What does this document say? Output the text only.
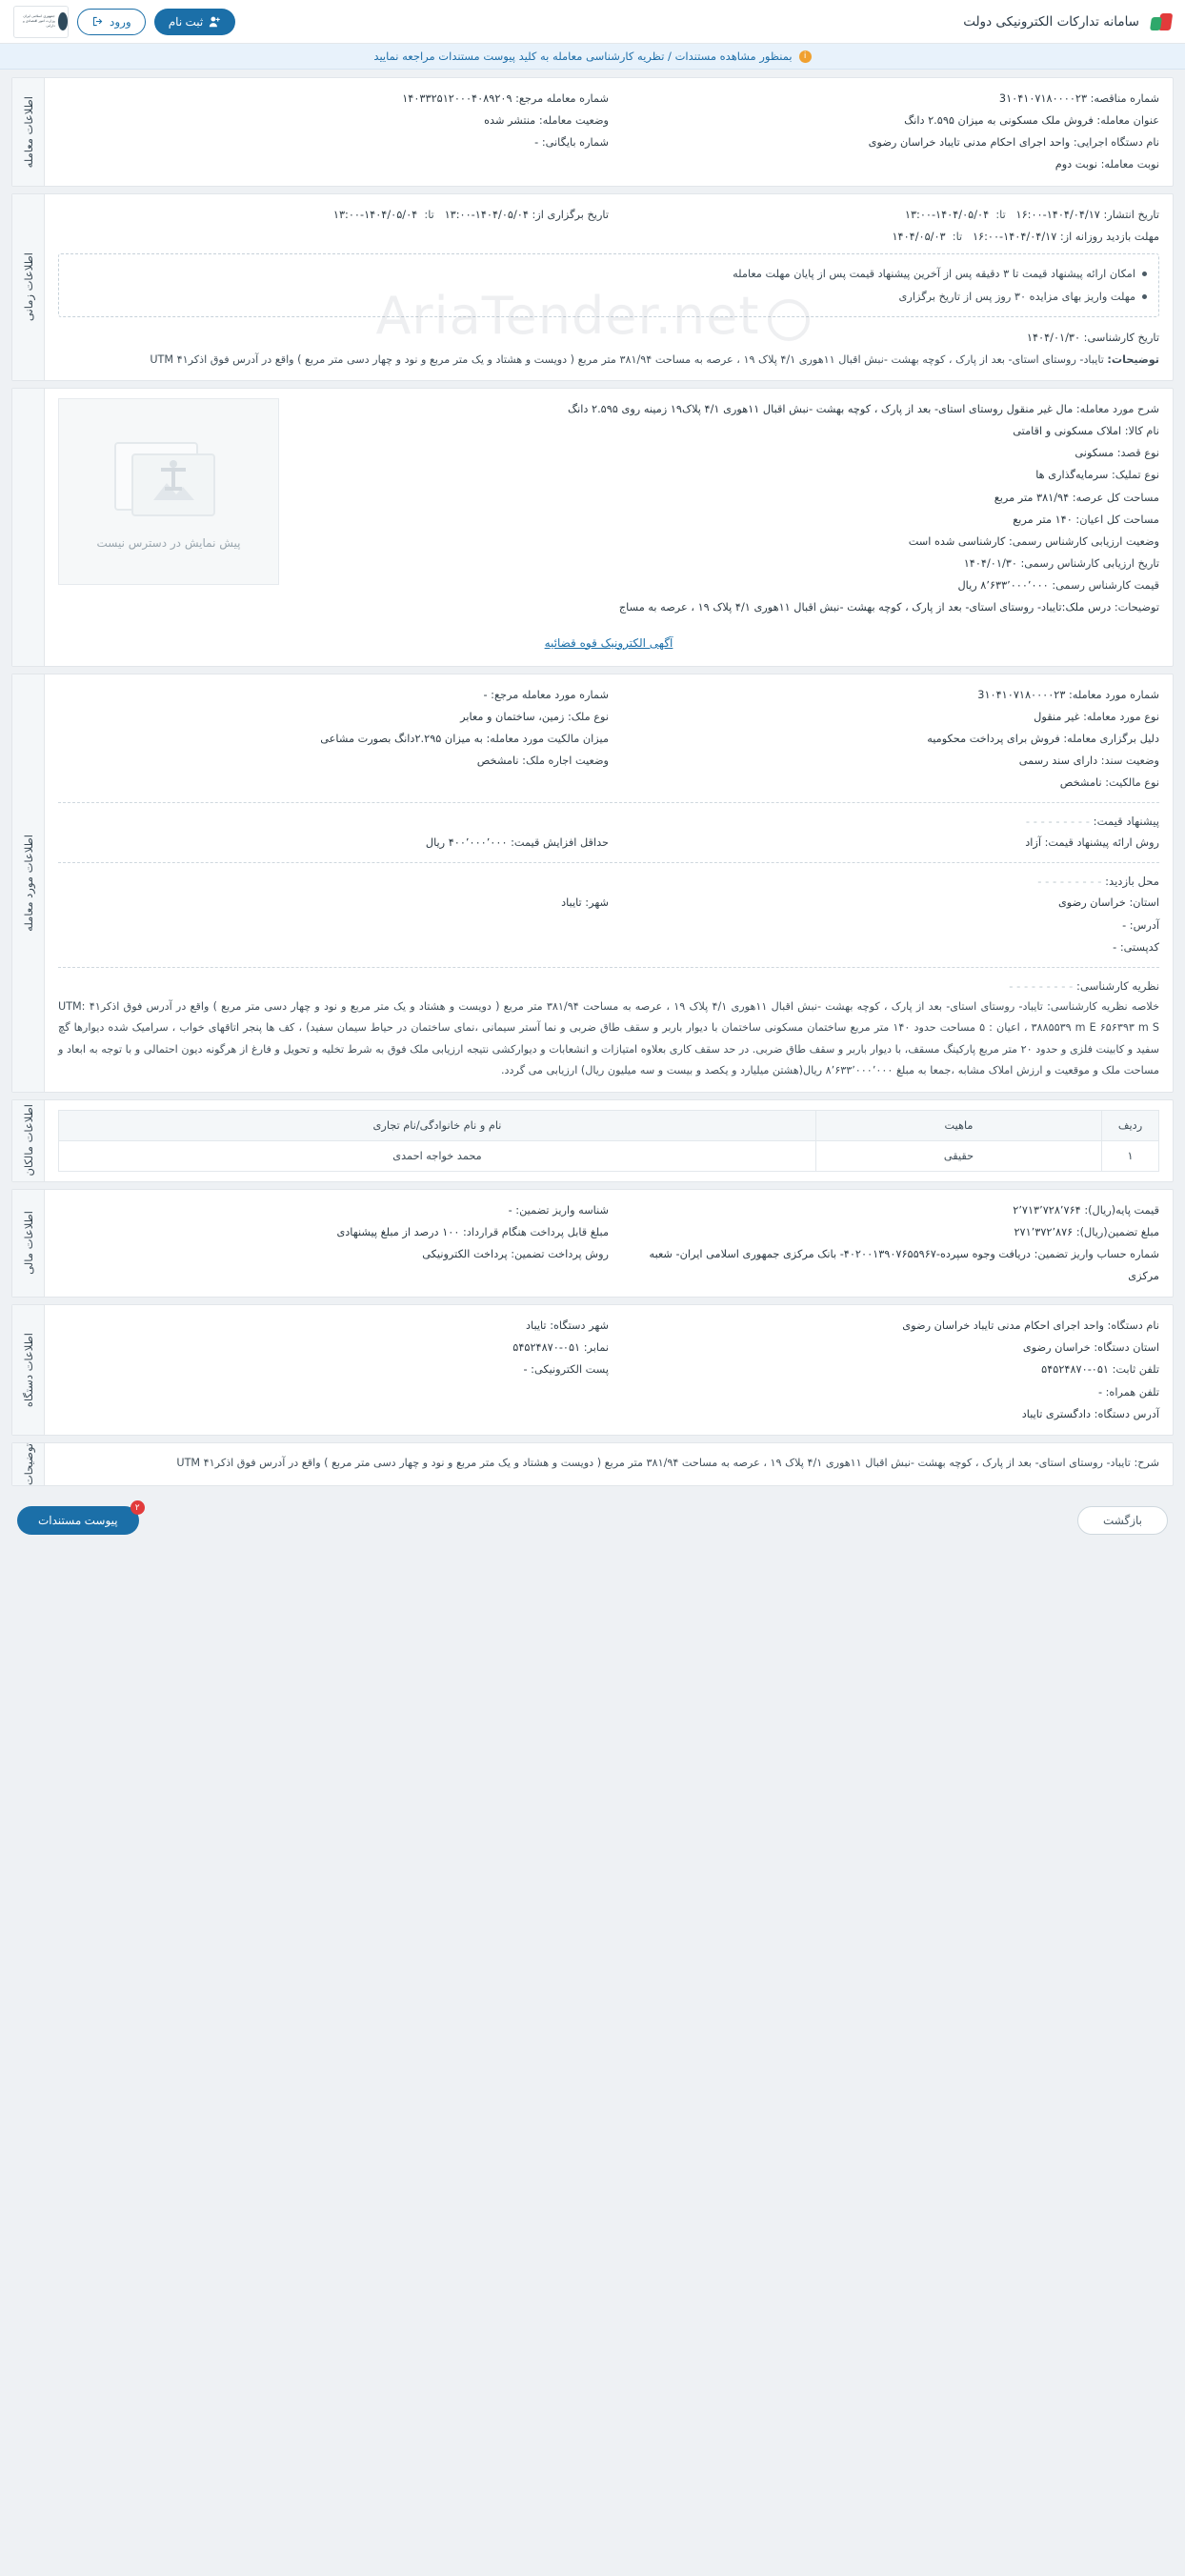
سامانه تدارکات الکترونیکی دولت
ثبت نام
ورود
جمهوری اسلامی ایران وزارت امور اقتصادی و دارایی
i
بمنظور مشاهده مستندات / تظریه کارشناسی معامله به کلید پیوست مستندات مراجعه نمایید
شماره مناقصه: 3۱۰۴۱۰۷۱۸۰۰۰۰۲۳
عنوان معامله: فروش ملک مسکونی به میزان ۲.۵۹۵ دانگ
نام دستگاه اجرایی: واحد اجرای احکام مدنی تایباد خراسان رضوی
نوبت معامله: نوبت دوم
شماره معامله مرجع: ۱۴۰۳۳۲۵۱۲۰۰۰۴۰۸۹۲۰۹
وضعیت معامله: منتشر شده
شماره بایگانی: -
اطلاعات معامله
تاریخ انتشار: ۱۴۰۴/۰۴/۱۷-۱۶:۰۰   تا:  ۱۴۰۴/۰۵/۰۴-۱۳:۰۰
مهلت بازدید روزانه از: ۱۴۰۴/۰۴/۱۷-۱۶:۰۰   تا:  ۱۴۰۴/۰۵/۰۳
تاریخ برگزاری از: ۱۴۰۴/۰۵/۰۴-۱۳:۰۰   تا:  ۱۴۰۴/۰۵/۰۴-۱۳:۰۰
امکان ارائه پیشنهاد قیمت تا ۳ دقیقه پس از آخرین پیشنهاد قیمت پس از پایان مهلت معامله
مهلت واریز بهای مزایده ۳۰ روز پس از تاریخ برگزاری
تاریخ کارشناسی: ۱۴۰۴/۰۱/۳۰
توضیحات: تایباد- روستای استای- بعد از پارک ، کوچه بهشت -نبش اقبال ۱۱هوری ۴/۱ پلاک ۱۹ ، عرصه به مساحت ۳۸۱/۹۴ متر مربع ( دویست و هشتاد و یک متر مربع و نود و چهار دسی متر مربع ) واقع در آدرس فوق اذکر۴۱ UTM
اطلاعات زمانی
شرح مورد معامله: مال غیر منقول روستای استای- بعد از پارک ، کوچه بهشت -نبش اقبال ۱۱هوری ۴/۱ پلاک۱۹ زمینه روی ۲.۵۹۵ دانگ
نام کالا: املاک مسکونی و اقامتی
نوع قصد: مسکونی
نوع تملیک: سرمایه‌گذاری ها
مساحت کل عرصه: ۳۸۱/۹۴ متر مربع
مساحت کل اعیان: ۱۴۰ متر مربع
وضعیت ارزیابی کارشناس رسمی: کارشناسی شده است
تاریخ ارزیابی کارشناس رسمی: ۱۴۰۴/۰۱/۳۰
قیمت کارشناس رسمی: ۸٬۶۳۳٬۰۰۰٬۰۰۰ ریال
توضیحات: درس ملک:تایباد- روستای استای- بعد از پارک ، کوچه بهشت -نبش اقبال ۱۱هوری ۴/۱ پلاک ۱۹ ، عرصه به مساج
پیش نمایش در دسترس نیست
آگهی الکترونیک قوه قضائیه

شماره مورد معامله: 3۱۰۴۱۰۷۱۸۰۰۰۰۲۳
نوع مورد معامله: غیر منقول
دلیل برگزاری معامله: فروش برای پرداخت محکومیه
وضعیت سند: دارای سند رسمی
نوع مالکیت: نامشخص
شماره مورد معامله مرجع: -
نوع ملک: زمین، ساختمان و معابر
میزان مالکیت مورد معامله: به میزان ۲.۲۹۵دانگ بصورت مشاعی
وضعیت اجاره ملک: نامشخص
پیشنهاد قیمت: - - - - - - - - -
روش ارائه پیشنهاد قیمت: آزاد
حداقل افزایش قیمت: ۴۰۰٬۰۰۰٬۰۰۰ ریال
محل بازدید: - - - - - - - - -
استان: خراسان رضوی
آدرس: -
کدپستی: -
شهر: تایباد
نظریه کارشناسی: - - - - - - - - -
خلاصه نظریه کارشناسی: تایباد- روستای استای- بعد از پارک ، کوچه بهشت -نبش اقبال ۱۱هوری ۴/۱ پلاک ۱۹ ، عرصه به مساحت ۳۸۱/۹۴ متر مربع ( دویست و هشتاد و یک متر مربع و نود و چهار دسی متر مربع ) واقع در آدرس فوق اذکر۴۱ UTM: ۳۸۸۵۵۳۹ m E ۶۵۶۳۹۳ m S ، اعیان : ۵ مساحت حدود ۱۴۰ متر مربع ساختمان مسکونی ساختمان با دیوار باربر و سقف طاق ضربی و نما آستر سیمانی ،نمای ساختمان در حیاط سیمان سفید) ، کف ها پنجر اتاقهای خواب ، سرامیک شده دیوارها گچ سفید و کابینت فلزی و حدود ۲۰ متر مربع پارکینگ مسقف، با دیوار باربر و سقف طاق ضربی. در حد سقف کاری بعلاوه امتیازات و انشعابات و دیوارکشی نتیجه ارزیابی ملک فوق به شرط تخلیه و تحویل و فارغ از هرگونه دیون احتمالی و با توجه به ابعاد و مساحت ملک و موقعیت و ارزش املاک مشابه ،جمعا به مبلغ ۸٬۶۳۳٬۰۰۰٬۰۰۰ ریال(هشتن میلیارد و یکصد و بیست و سه میلیون ریال) ارزیابی می گردد.
اطلاعات مورد معامله
ردیف	ماهیت	نام و نام خانوادگی/نام تجاری
۱	حقیقی	محمد خواجه احمدی
اطلاعات مالکان
قیمت پایه(ریال): ۲٬۷۱۳٬۷۲۸٬۷۶۴
مبلغ تضمین(ریال): ۲۷۱٬۳۷۲٬۸۷۶
شماره حساب واریز تضمین: دریافت وجوه سپرده-۴۰۲۰۰۱۳۹۰۷۶۵۵۹۶۷- بانک مرکزی جمهوری اسلامی ایران- شعبه مرکزی
شناسه واریز تضمین: -
مبلغ قابل پرداخت هنگام قرارداد: ۱۰۰ درصد از مبلغ پیشنهادی
روش پرداخت تضمین: پرداخت الکترونیکی
اطلاعات مالی
نام دستگاه: واحد اجرای احکام مدنی تایباد خراسان رضوی
استان دستگاه: خراسان رضوی
تلفن ثابت: ۰۵۱-۵۴۵۲۴۸۷۰
تلفن همراه: -
آدرس دستگاه: دادگستری تایباد
شهر دستگاه: تایباد
نمابر: ۰۵۱-۵۴۵۲۴۸۷۰
پست الکترونیکی: -
اطلاعات دستگاه
شرح: تایباد- روستای استای- بعد از پارک ، کوچه بهشت -نبش اقبال ۱۱هوری ۴/۱ پلاک ۱۹ ، عرصه به مساحت ۳۸۱/۹۴ متر مربع ( دویست و هشتاد و یک متر مربع و نود و چهار دسی متر مربع ) واقع در آدرس فوق اذکر۴۱ UTM
توضیحات
بازگشت
۲
پیوست مستندات
